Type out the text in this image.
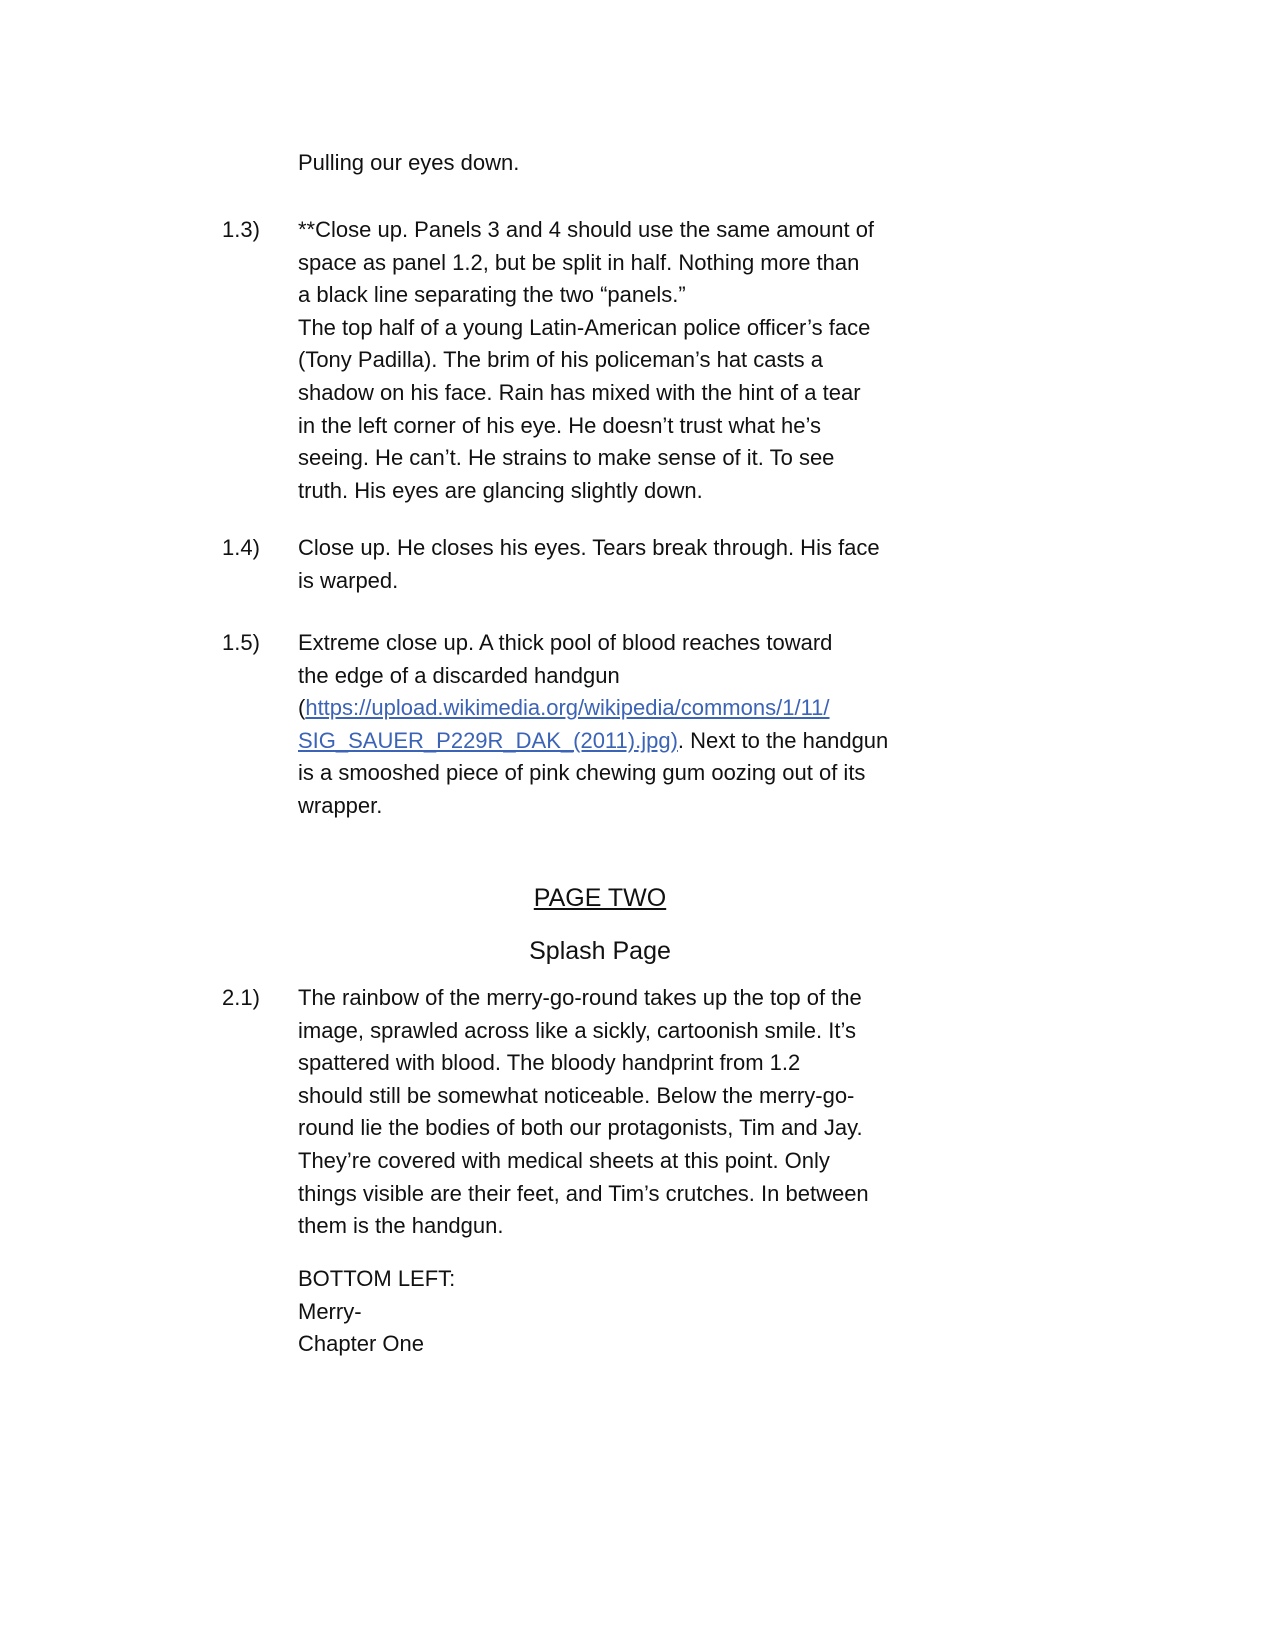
Pulling our eyes down.

1.3) **Close up. Panels 3 and 4 should use the same amount of
space as panel 1.2, but be split in half. Nothing more than
a black line separating the two “panels.”
The top half of a young Latin-American police officer’s face
(Tony Padilla). The brim of his policeman’s hat casts a
shadow on his face. Rain has mixed with the hint of a tear
in the left corner of his eye. He doesn’t trust what he’s
seeing. He can’t. He strains to make sense of it. To see
truth. His eyes are glancing slightly down.

1.4) Close up. He closes his eyes. Tears break through. His face
is warped.

1.5) Extreme close up. A thick pool of blood reaches toward
the edge of a discarded handgun
(https://upload.wikimedia.org/wikipedia/commons/1/11/
SIG_SAUER_P229R_DAK_(2011).jpg). Next to the handgun
is a smooshed piece of pink chewing gum oozing out of its
wrapper.

PAGE TWO

Splash Page

2.1) The rainbow of the merry-go-round takes up the top of the
image, sprawled across like a sickly, cartoonish smile. It’s
spattered with blood. The bloody handprint from 1.2
should still be somewhat noticeable. Below the merry-go-
round lie the bodies of both our protagonists, Tim and Jay.
They’re covered with medical sheets at this point. Only
things visible are their feet, and Tim’s crutches. In between
them is the handgun.

BOTTOM LEFT:
Merry-
Chapter One
